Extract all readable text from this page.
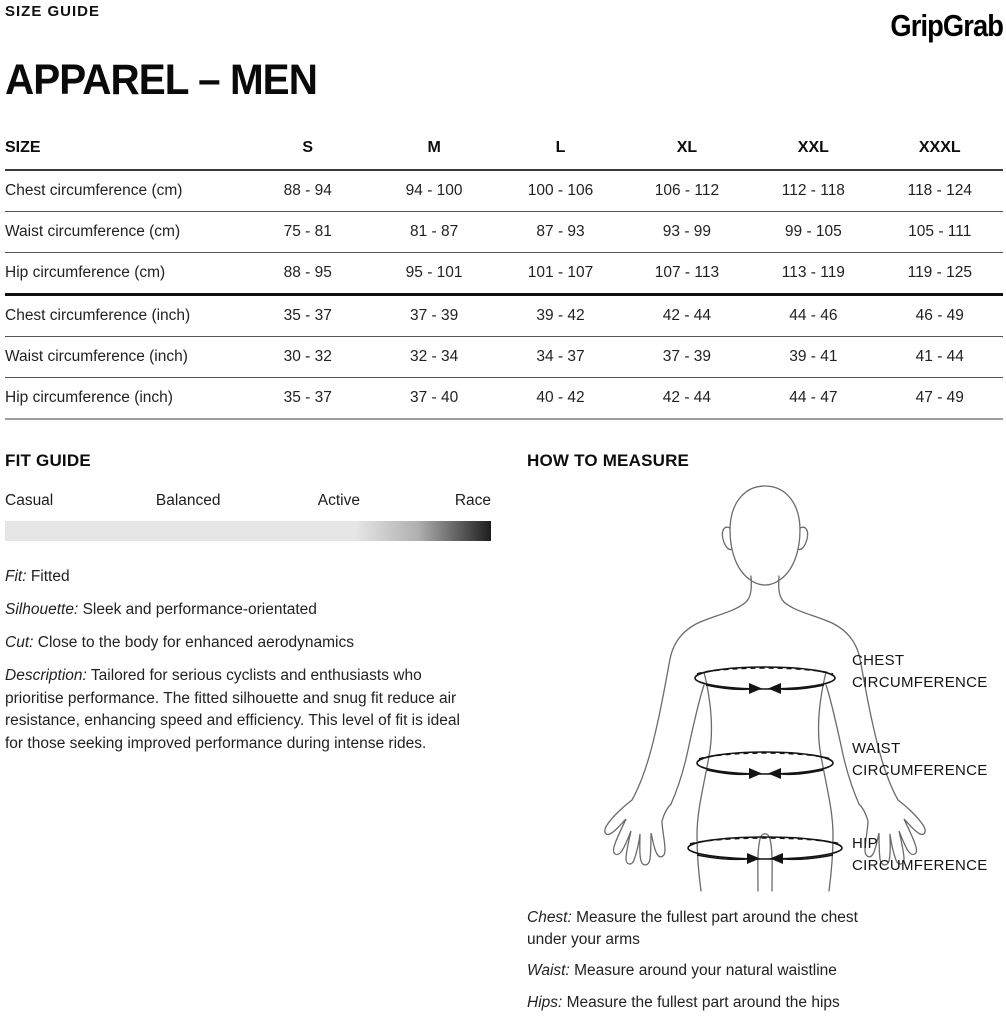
SIZE GUIDE	GripGrab
APPAREL – MEN
SIZE	S	M	L	XL	XXL	XXXL
Chest circumference (cm)	88 - 94	94 - 100	100 - 106	106 - 112	112 - 118	118 - 124
Waist circumference (cm)	75 - 81	81 - 87	87 - 93	93 - 99	99 - 105	105 - 111
Hip circumference (cm)	88 - 95	95 - 101	101 - 107	107 - 113	113 - 119	119 - 125
Chest circumference (inch)	35 - 37	37 - 39	39 - 42	42 - 44	44 - 46	46 - 49
Waist circumference (inch)	30 - 32	32 - 34	34 - 37	37 - 39	39 - 41	41 - 44
Hip circumference (inch)	35 - 37	37 - 40	40 - 42	42 - 44	44 - 47	47 - 49
FIT GUIDE
Casual	Balanced	Active	Race

Fit: Fitted

Silhouette: Sleek and performance-orientated

Cut: Close to the body for enhanced aerodynamics

Description: Tailored for serious cyclists and enthusiasts who prioritise performance. The fitted silhouette and snug fit reduce air resistance, enhancing speed and efficiency. This level of fit is ideal for those seeking improved performance during intense rides.

HOW TO MEASURE
CHEST CIRCUMFERENCE
WAIST CIRCUMFERENCE
HIP CIRCUMFERENCE

Chest: Measure the fullest part around the chest under your arms

Waist: Measure around your natural waistline

Hips: Measure the fullest part around the hips
